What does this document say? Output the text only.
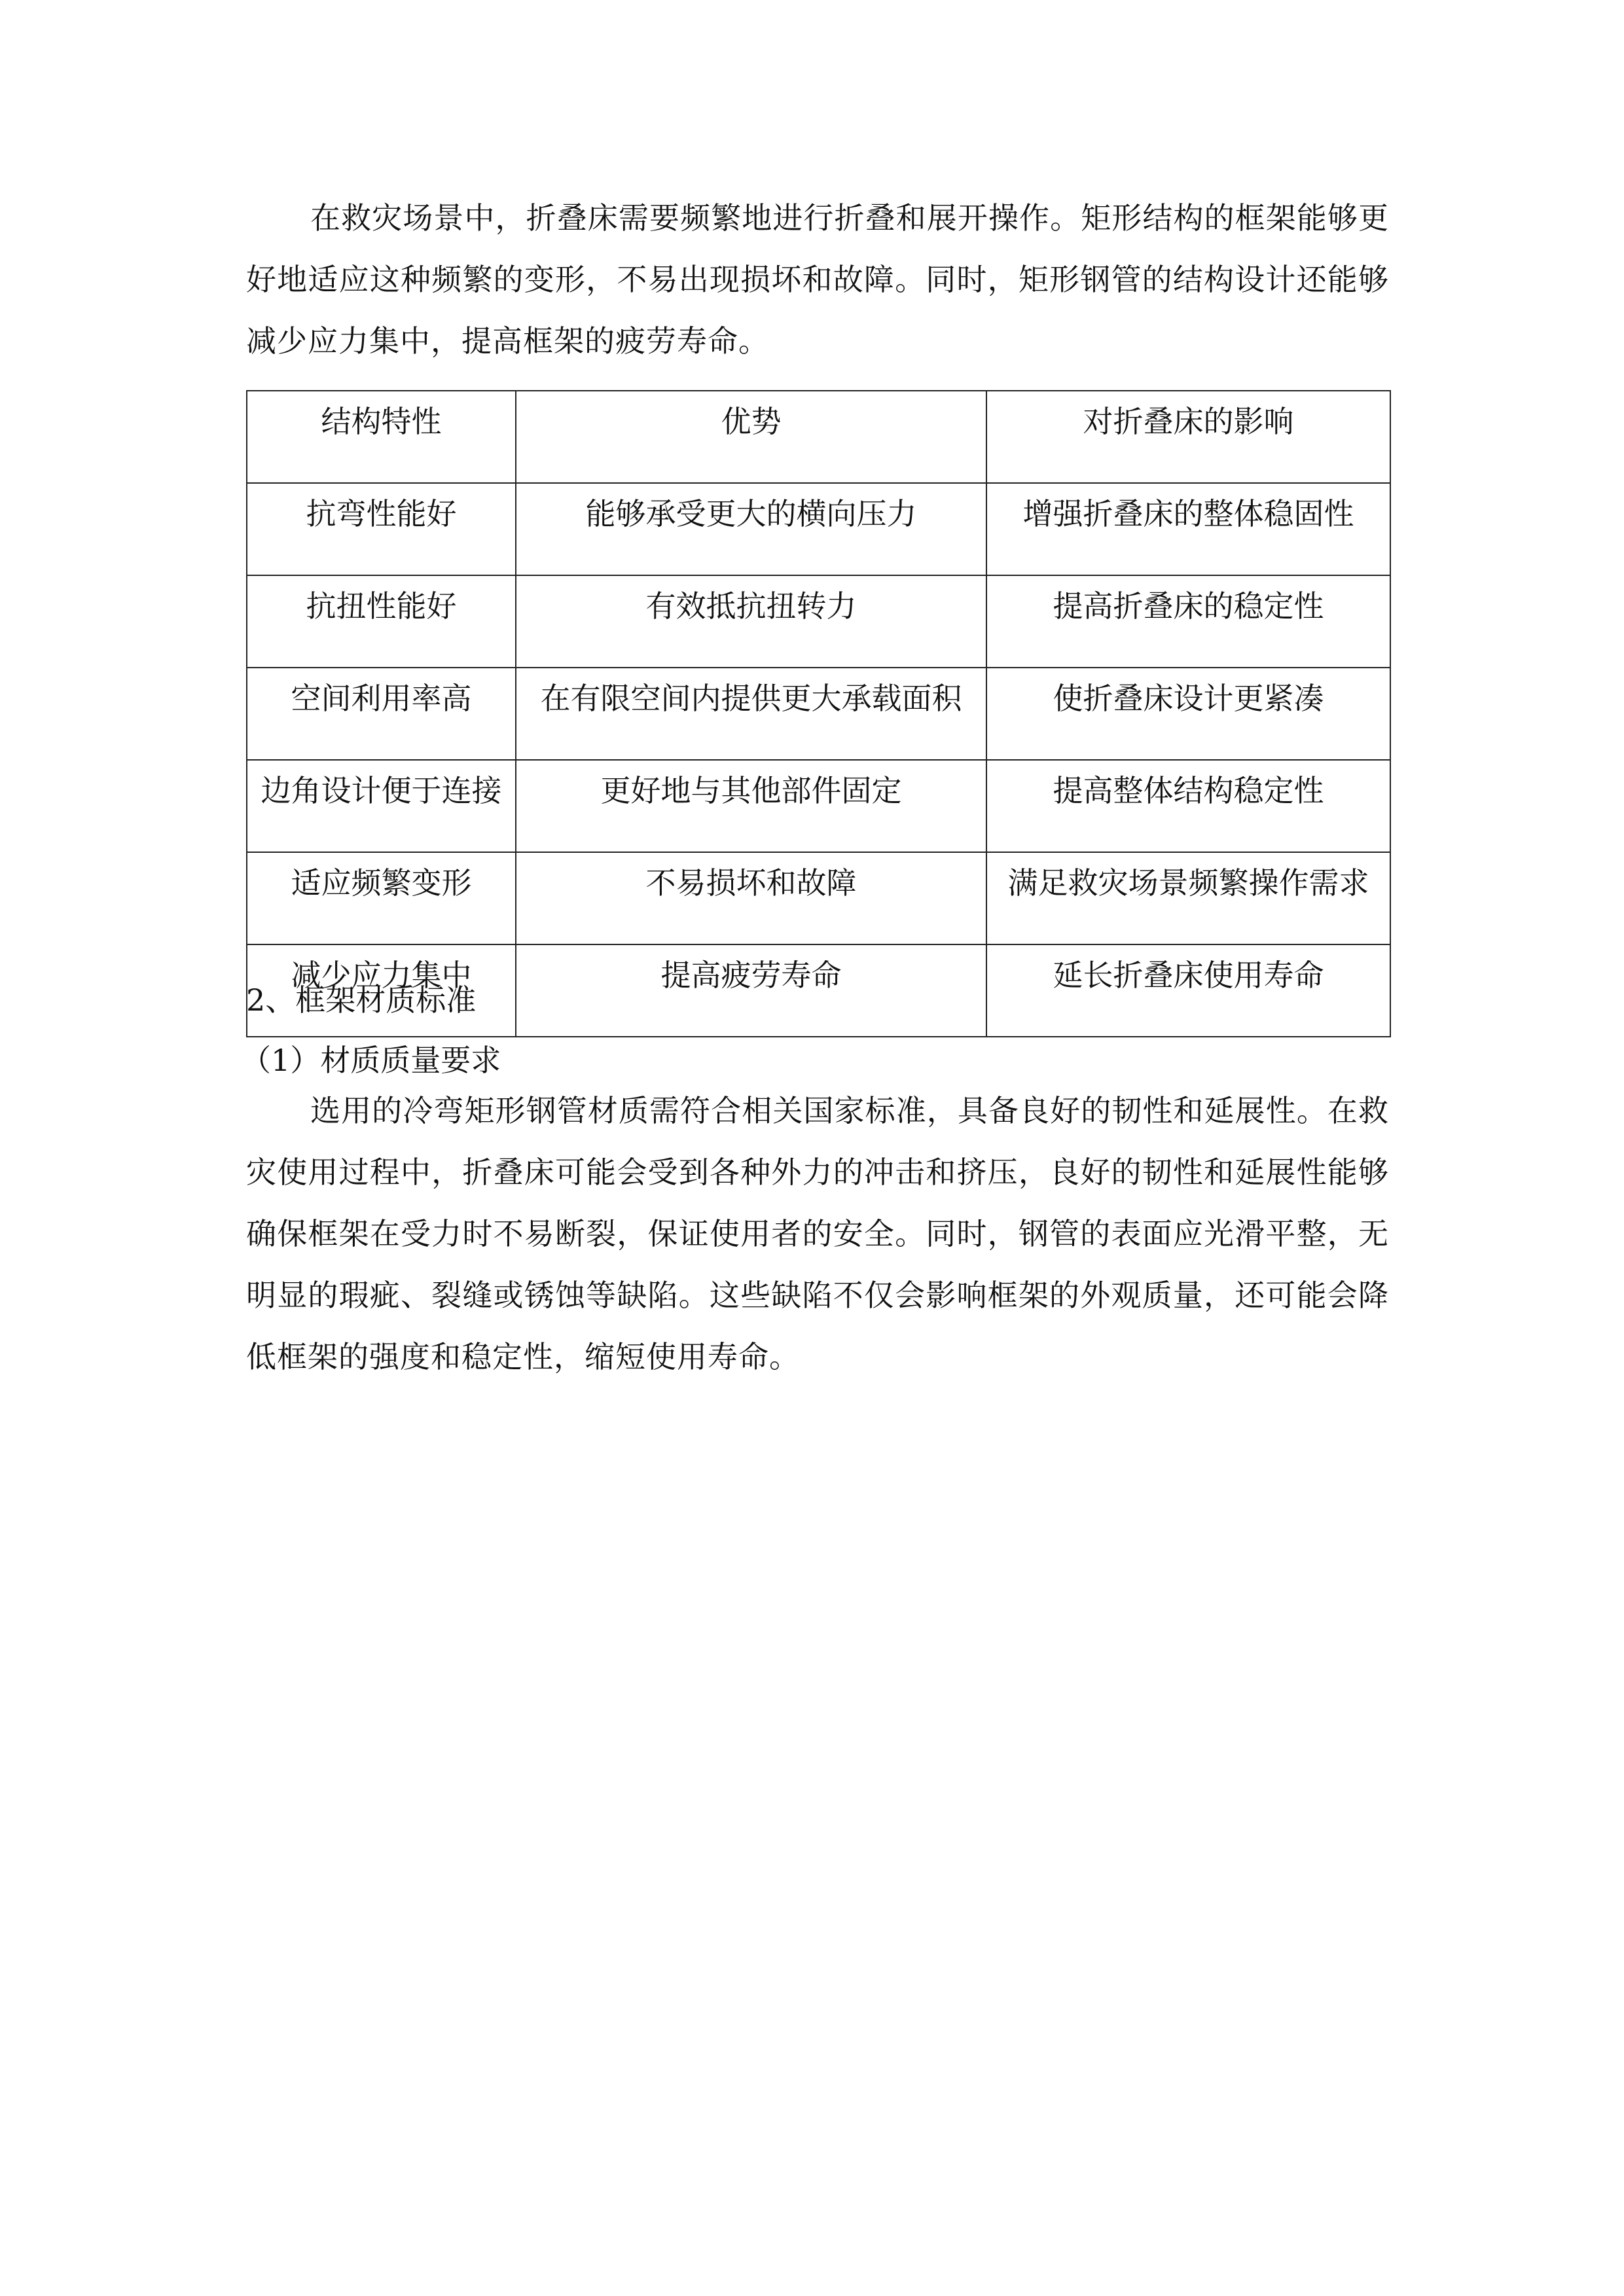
在救灾场景中，折叠床需要频繁地进行折叠和展开操作。矩形结构的框架能够更好地适应这种频繁的变形，不易出现损坏和故障。同时，矩形钢管的结构设计还能够减少应力集中，提高框架的疲劳寿命。

结构特性	优势	对折叠床的影响
抗弯性能好	能够承受更大的横向压力	增强折叠床的整体稳固性
抗扭性能好	有效抵抗扭转力	提高折叠床的稳定性
空间利用率高	在有限空间内提供更大承载面积	使折叠床设计更紧凑
边角设计便于连接	更好地与其他部件固定	提高整体结构稳定性
适应频繁变形	不易损坏和故障	满足救灾场景频繁操作需求
减少应力集中	提高疲劳寿命	延长折叠床使用寿命

2、框架材质标准

（1）材质质量要求

选用的冷弯矩形钢管材质需符合相关国家标准，具备良好的韧性和延展性。在救灾使用过程中，折叠床可能会受到各种外力的冲击和挤压，良好的韧性和延展性能够确保框架在受力时不易断裂，保证使用者的安全。同时，钢管的表面应光滑平整，无明显的瑕疵、裂缝或锈蚀等缺陷。这些缺陷不仅会影响框架的外观质量，还可能会降低框架的强度和稳定性，缩短使用寿命。
